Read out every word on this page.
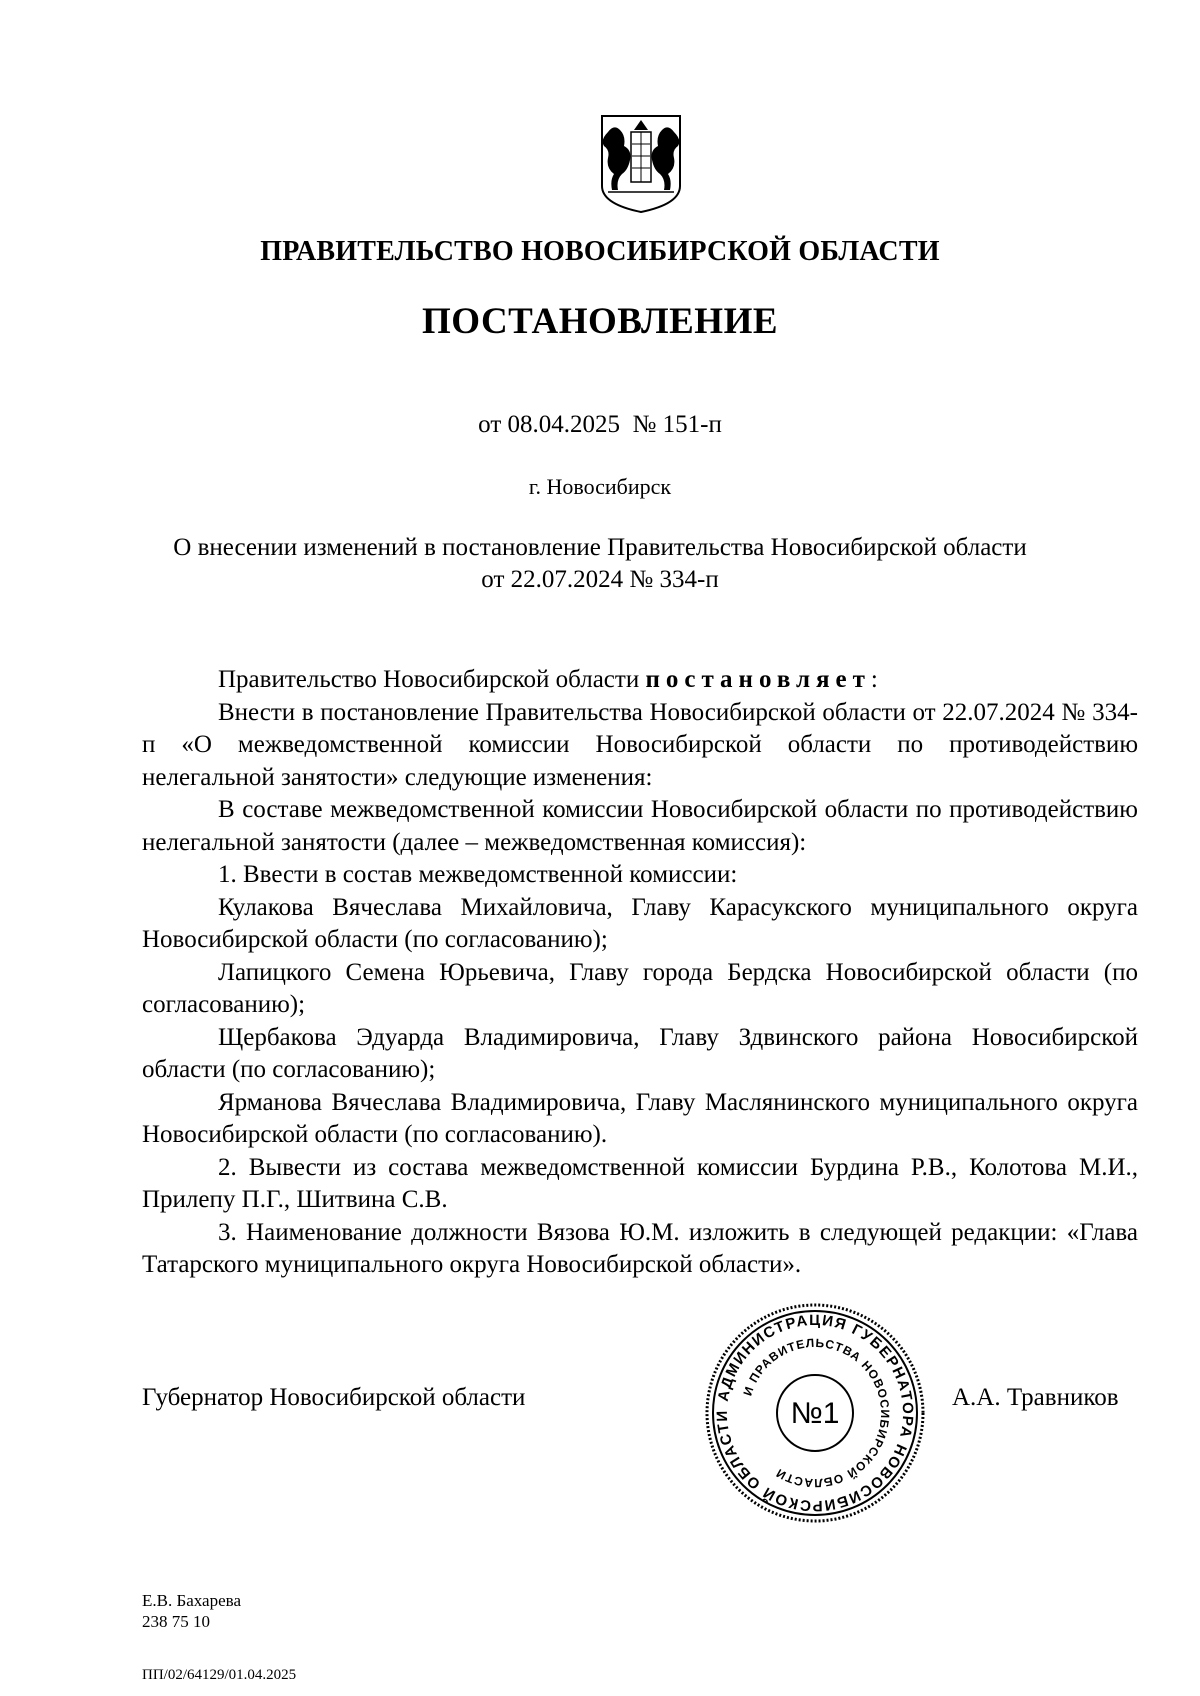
ПРАВИТЕЛЬСТВО НОВОСИБИРСКОЙ ОБЛАСТИ
ПОСТАНОВЛЕНИЕ
от 08.04.2025  № 151-п
г. Новосибирск
О внесении изменений в постановление Правительства Новосибирской области
от 22.07.2024 № 334-п

Правительство Новосибирской области постановляет:

Внести в постановление Правительства Новосибирской области от 22.07.2024 № 334-п «О межведомственной комиссии Новосибирской области по противодействию нелегальной занятости» следующие изменения:

В составе межведомственной комиссии Новосибирской области по противодействию нелегальной занятости (далее – межведомственная комиссия):

1. Ввести в состав межведомственной комиссии:

Кулакова Вячеслава Михайловича, Главу Карасукского муниципального округа Новосибирской области (по согласованию);

Лапицкого Семена Юрьевича, Главу города Бердска Новосибирской области (по согласованию);

Щербакова Эдуарда Владимировича, Главу Здвинского района Новосибирской области (по согласованию);

Ярманова Вячеслава Владимировича, Главу Маслянинского муниципального округа Новосибирской области (по согласованию).

2. Вывести из состава межведомственной комиссии Бурдина Р.В., Колотова М.И., Прилепу П.Г., Шитвина С.В.

3. Наименование должности Вязова Ю.М. изложить в следующей редакции: «Глава Татарского муниципального округа Новосибирской области».

АДМИНИСТРАЦИЯ ГУБЕРНАТОРА НОВОСИБИРСКОЙ ОБЛАСТИ
И ПРАВИТЕЛЬСТВА НОВОСИБИРСКОЙ ОБЛАСТИ
№1
Губернатор Новосибирской области	А.А. Травников
Е.В. Бахарева
238 75 10
ПП/02/64129/01.04.2025
